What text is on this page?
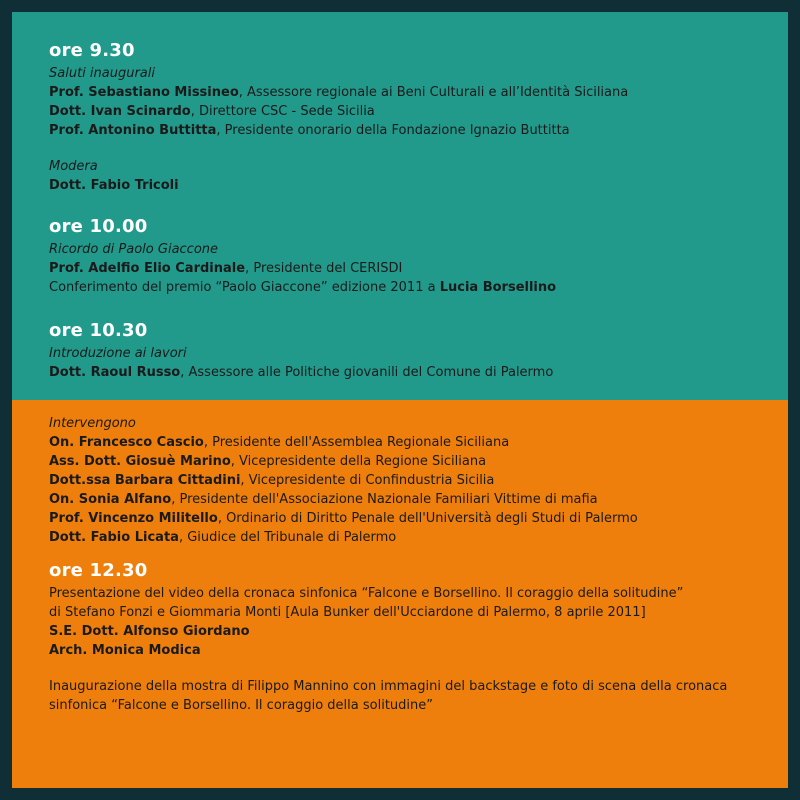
ore 9.30
Saluti inaugurali
Prof. Sebastiano Missineo, Assessore regionale ai Beni Culturali e all’Identità Siciliana
Dott. Ivan Scinardo, Direttore CSC - Sede Sicilia
Prof. Antonino Buttitta, Presidente onorario della Fondazione Ignazio Buttitta
Modera
Dott. Fabio Tricoli
ore 10.00
Ricordo di Paolo Giaccone
Prof. Adelfio Elio Cardinale, Presidente del CERISDI
Conferimento del premio “Paolo Giaccone” edizione 2011 a Lucia Borsellino
ore 10.30
Introduzione ai lavori
Dott. Raoul Russo, Assessore alle Politiche giovanili del Comune di Palermo
Intervengono
On. Francesco Cascio, Presidente dell'Assemblea Regionale Siciliana
Ass. Dott. Giosuè Marino, Vicepresidente della Regione Siciliana
Dott.ssa Barbara Cittadini, Vicepresidente di Confindustria Sicilia
On. Sonia Alfano, Presidente dell'Associazione Nazionale Familiari Vittime di mafia
Prof. Vincenzo Militello, Ordinario di Diritto Penale dell'Università degli Studi di Palermo
Dott. Fabio Licata, Giudice del Tribunale di Palermo
ore 12.30
Presentazione del video della cronaca sinfonica “Falcone e Borsellino. Il coraggio della solitudine”
di Stefano Fonzi e Giommaria Monti [Aula Bunker dell'Ucciardone di Palermo, 8 aprile 2011]
S.E. Dott. Alfonso Giordano
Arch. Monica Modica
Inaugurazione della mostra di Filippo Mannino con immagini del backstage e foto di scena della cronaca
sinfonica “Falcone e Borsellino. Il coraggio della solitudine”
